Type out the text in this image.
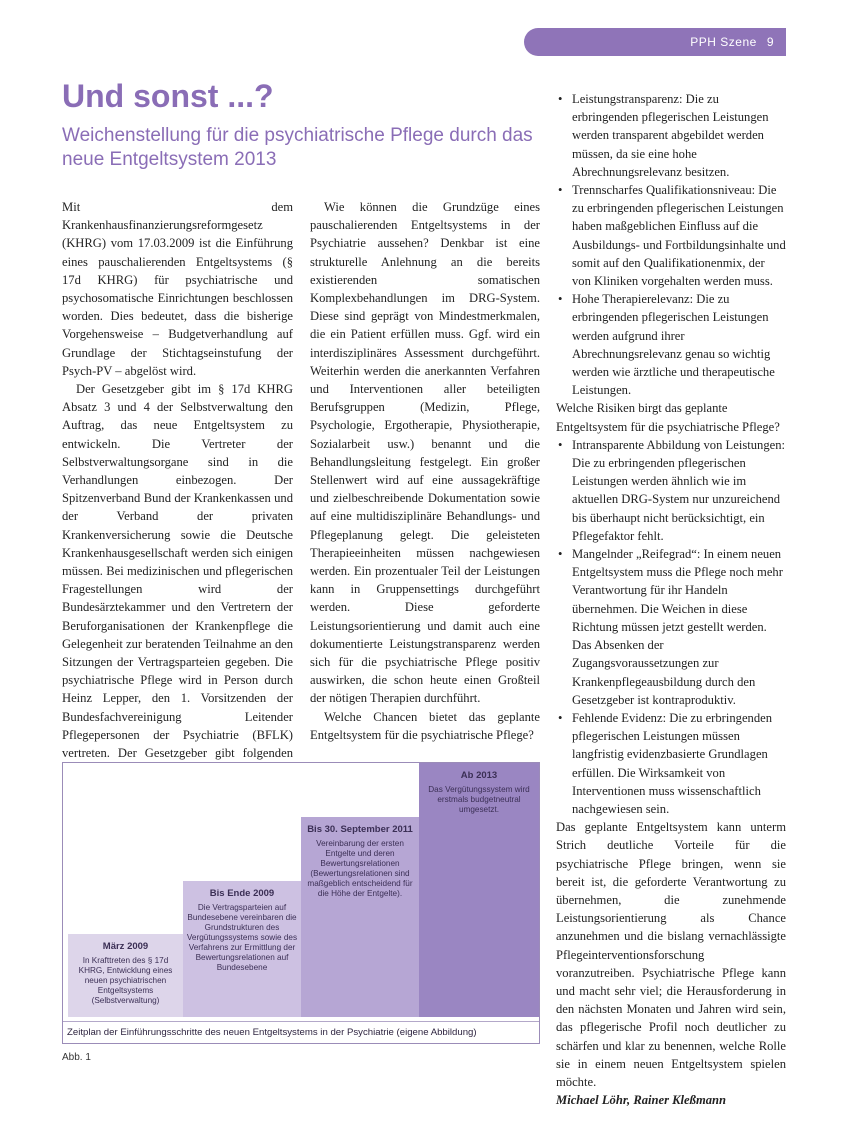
PPH Szene 9
Und sonst ...?

Weichenstellung für die psychiatrische Pflege durch das neue Entgeltsystem 2013

Mit dem Krankenhausfinanzierungsreformgesetz (KHRG) vom 17.03.2009 ist die Einführung eines pauschalierenden Entgeltsystems (§ 17d KHRG) für psychiatrische und psychosomatische Einrichtungen beschlossen worden. Dies bedeutet, dass die bisherige Vorgehensweise – Budgetverhandlung auf Grundlage der Stichtagseinstufung der Psych-PV – abgelöst wird.

Der Gesetzgeber gibt im § 17d KHRG Absatz 3 und 4 der Selbstverwaltung den Auftrag, das neue Entgeltsystem zu entwickeln. Die Vertreter der Selbstverwaltungsorgane sind in die Verhandlungen einbezogen. Der Spitzenverband Bund der Krankenkassen und der Verband der privaten Krankenversicherung sowie die Deutsche Krankenhausgesellschaft werden sich einigen müssen. Bei medizinischen und pflegerischen Fragestellungen wird der Bundesärztekammer und den Vertretern der Beruforganisationen der Krankenpflege die Gelegenheit zur beratenden Teilnahme an den Sitzungen der Vertragsparteien gegeben. Die psychiatrische Pflege wird in Person durch Heinz Lepper, den 1. Vorsitzenden der Bundesfachvereinigung Leitender Pflegepersonen der Psychiatrie (BFLK) vertreten. Der Gesetzgeber gibt folgenden

Wie können die Grundzüge eines pauschalierenden Entgeltsystems in der Psychiatrie aussehen? Denkbar ist eine strukturelle Anlehnung an die bereits existierenden somatischen Komplexbehandlungen im DRG-System. Diese sind geprägt von Mindestmerkmalen, die ein Patient erfüllen muss. Ggf. wird ein interdisziplinäres Assessment durchgeführt. Weiterhin werden die anerkannten Verfahren und Interventionen aller beteiligten Berufsgruppen (Medizin, Pflege, Psychologie, Ergotherapie, Physiotherapie, Sozialarbeit usw.) benannt und die Behandlungsleitung festgelegt. Ein großer Stellenwert wird auf eine aussagekräftige und zielbeschreibende Dokumentation sowie auf eine multidisziplinäre Behandlungs- und Pflegeplanung gelegt. Die geleisteten Therapieeinheiten müssen nachgewiesen werden. Ein prozentualer Teil der Leistungen kann in Gruppensettings durchgeführt werden. Diese geforderte Leistungsorientierung und damit auch eine dokumentierte Leistungstransparenz werden sich für die psychiatrische Pflege positiv auswirken, die schon heute einen Großteil der nötigen Therapien durchführt.

Welche Chancen bietet das geplante Entgeltsystem für die psychiatrische Pflege?

• Leistungstransparenz: Die zu erbringenden pflegerischen Leistungen werden transparent abgebildet werden müssen, da sie eine hohe Abrechnungsrelevanz besitzen.
• Trennscharfes Qualifikationsniveau: Die zu erbringenden pflegerischen Leistungen haben maßgeblichen Einfluss auf die Ausbildungs- und Fortbildungsinhalte und somit auf den Qualifikationenmix, der von Kliniken vorgehalten werden muss.
• Hohe Therapierelevanz: Die zu erbringenden pflegerischen Leistungen werden aufgrund ihrer Abrechnungsrelevanz genau so wichtig werden wie ärztliche und therapeutische Leistungen.

Welche Risiken birgt das geplante Entgeltsystem für die psychiatrische Pflege?

• Intransparente Abbildung von Leistungen: Die zu erbringenden pflegerischen Leistungen werden ähnlich wie im aktuellen DRG-System nur unzureichend bis überhaupt nicht berücksichtigt, ein Pflegefaktor fehlt.
• Mangelnder „Reifegrad“: In einem neuen Entgeltsystem muss die Pflege noch mehr Verantwortung für ihr Handeln übernehmen. Die Weichen in diese Richtung müssen jetzt gestellt werden. Das Absenken der Zugangsvoraussetzungen zur Krankenpflegeausbildung durch den Gesetzgeber ist kontraproduktiv.
• Fehlende Evidenz: Die zu erbringenden pflegerischen Leistungen müssen langfristig evidenzbasierte Grundlagen erfüllen. Die Wirksamkeit von Interventionen muss wissenschaftlich nachgewiesen sein.

Das geplante Entgeltsystem kann unterm Strich deutliche Vorteile für die psychiatrische Pflege bringen, wenn sie bereit ist, die geforderte Verantwortung zu übernehmen, die zunehmende Leistungsorientierung als Chance anzunehmen und die bislang vernachlässigte Pflegeinterventionsforschung voranzutreiben. Psychiatrische Pflege kann und macht sehr viel; die Herausforderung in den nächsten Monaten und Jahren wird sein, das pflegerische Profil noch deutlicher zu schärfen und klar zu benennen, welche Rolle sie in einem neuen Entgeltsystem spielen möchte.

Michael Löhr, Rainer Kleßmann

März 2009
In Krafttreten des § 17d KHRG, Entwicklung eines neuen psychiatrischen Entgeltsystems (Selbstverwaltung)
Bis Ende 2009
Die Vertragsparteien auf Bundesebene vereinbaren die Grundstrukturen des Vergütungssystems sowie des Verfahrens zur Ermittlung der Bewertungsrelationen auf Bundesebene
Bis 30. September 2011
Vereinbarung der ersten Entgelte und deren Bewertungsrelationen (Bewertungsrelationen sind maßgeblich entscheidend für die Höhe der Entgelte).
Ab 2013
Das Vergütungssystem wird erstmals budgetneutral umgesetzt.
Zeitplan der Einführungsschritte des neuen Entgeltsystems in der Psychiatrie (eigene Abbildung)
Abb. 1
